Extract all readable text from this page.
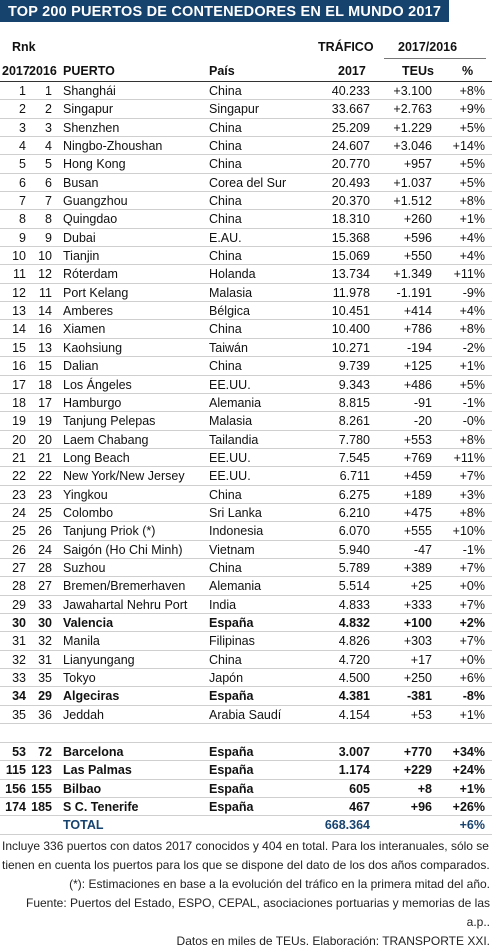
TOP 200 PUERTOS DE CONTENEDORES EN EL MUNDO 2017
Rnk	TRÁFICO 2017/2016
2017 2016 PUERTO	País	2017	TEUs %
1	1 Shanghái	China	40.233	+3.100	+8%
2	2 Singapur	Singapur	33.667	+2.763	+9%
3	3 Shenzhen	China	25.209	+1.229	+5%
4	4 Ningbo-Zhoushan	China	24.607	+3.046	+14%
5	5 Hong Kong	China	20.770	+957	+5%
6	6 Busan	Corea del Sur	20.493	+1.037	+5%
7	7 Guangzhou	China	20.370	+1.512	+8%
8	8 Quingdao	China	18.310	+260	+1%
9	9 Dubai	E.AU.	15.368	+596	+4%
10 10 Tianjin	China	15.069	+550	+4%
11 12 Róterdam	Holanda	13.734	+1.349	+11%
12	11 Port Kelang	Malasia	11.978	-1.191	-9%
13 14 Amberes	Bélgica	10.451	+414	+4%
14 16 Xiamen	China	10.400	+786	+8%
15 13 Kaohsiung	Taiwán	10.271	-194	-2%
16 15 Dalian	China	9.739	+125	+1%
17 18 Los Ángeles	EE.UU.	9.343	+486	+5%
18 17 Hamburgo	Alemania	8.815	-91	-1%
19 19 Tanjung Pelepas	Malasia	8.261	-20	-0%
20 20 Laem Chabang	Tailandia	7.780	+553	+8%
21 21 Long Beach	EE.UU.	7.545	+769	+11%
22 22 New York/New Jersey EE.UU.	6.711	+459	+7%
23 23 Yingkou	China	6.275	+189	+3%
24 25 Colombo	Sri Lanka	6.210	+475	+8%
25 26 Tanjung Priok (*)	Indonesia	6.070	+555	+10%
26 24 Saigón (Ho Chi Minh) Vietnam	5.940	-47	-1%
27 28 Suzhou	China	5.789	+389	+7%
28 27 Bremen/Bremerhaven Alemania	5.514	+25	+0%
29 33 Jawahartal Nehru Port India	4.833	+333	+7%
30 30 Valencia	España	4.832	+100	+2%
31 32 Manila	Filipinas	4.826	+303	+7%
32 31 Lianyungang	China	4.720	+17	+0%
33 35 Tokyo	Japón	4.500	+250	+6%
34 29 Algeciras	España	4.381	-381	-8%
35 36 Jeddah	Arabia Saudí	4.154	+53	+1%
53 72 Barcelona	España	3.007	+770	+34%
115 123 Las Palmas	España	1.174	+229	+24%
156 155 Bilbao	España	605	+8	+1%
174 185 S C. Tenerife	España	467	+96	+26%
TOTAL	668.364	+6%

Incluye 336 puertos con datos 2017 conocidos y 404 en total. Para los interanuales, sólo se tienen en cuenta los puertos para los que se dispone del dato de los dos años comparados.

(*): Estimaciones en base a la evolución del tráfico en la primera mitad del año.

Fuente: Puertos del Estado, ESPO, CEPAL, asociaciones portuarias y memorias de las a.p..

Datos en miles de TEUs. Elaboración: TRANSPORTE XXI.
